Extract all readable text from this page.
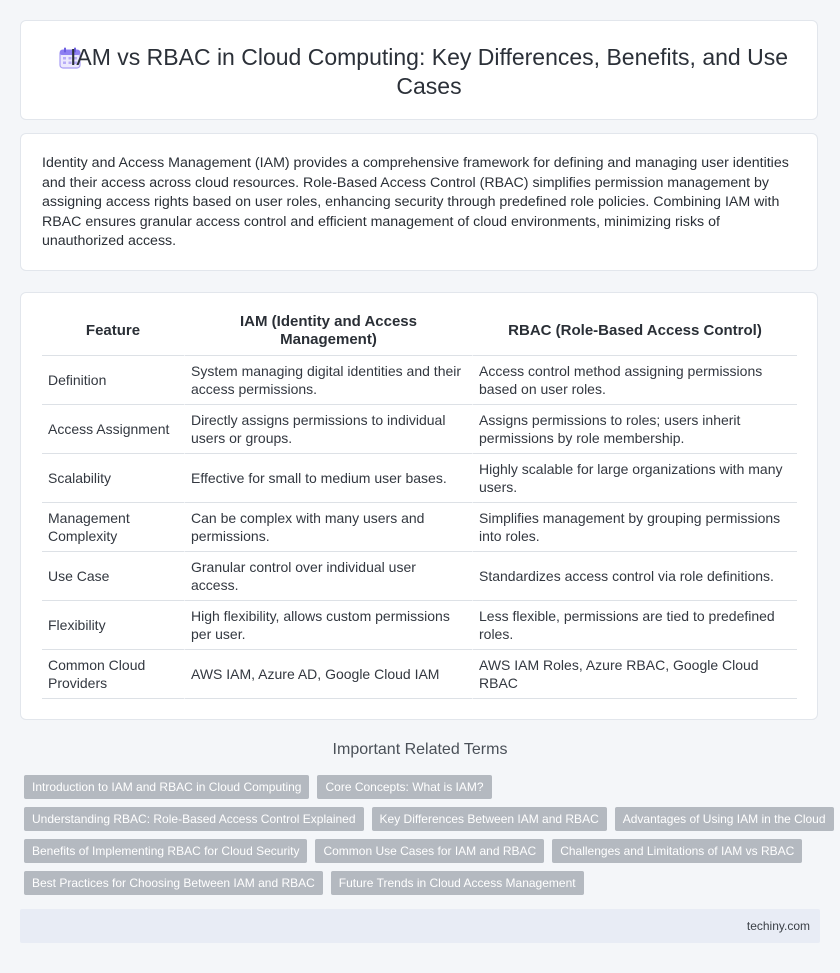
IAM vs RBAC in Cloud Computing: Key Differences, Benefits, and Use Cases

Identity and Access Management (IAM) provides a comprehensive framework for defining and managing user identities and their access across cloud resources. Role-Based Access Control (RBAC) simplifies permission management by assigning access rights based on user roles, enhancing security through predefined role policies. Combining IAM with RBAC ensures granular access control and efficient management of cloud environments, minimizing risks of unauthorized access.

Feature	IAM (Identity and Access Management)	RBAC (Role-Based Access Control)
Definition	System managing digital identities and their access permissions.	Access control method assigning permissions based on user roles.
Access Assignment	Directly assigns permissions to individual users or groups.	Assigns permissions to roles; users inherit permissions by role membership.
Scalability	Effective for small to medium user bases.	Highly scalable for large organizations with many users.
Management Complexity	Can be complex with many users and permissions.	Simplifies management by grouping permissions into roles.
Use Case	Granular control over individual user access.	Standardizes access control via role definitions.
Flexibility	High flexibility, allows custom permissions per user.	Less flexible, permissions are tied to predefined roles.
Common Cloud Providers	AWS IAM, Azure AD, Google Cloud IAM	AWS IAM Roles, Azure RBAC, Google Cloud RBAC
Important Related Terms
Introduction to IAM and RBAC in Cloud Computing	Core Concepts: What is IAM?
Understanding RBAC: Role-Based Access Control Explained	Key Differences Between IAM and RBAC	Advantages of Using IAM in the Cloud
Benefits of Implementing RBAC for Cloud Security	Common Use Cases for IAM and RBAC	Challenges and Limitations of IAM vs RBAC
Best Practices for Choosing Between IAM and RBAC	Future Trends in Cloud Access Management
techiny.com
